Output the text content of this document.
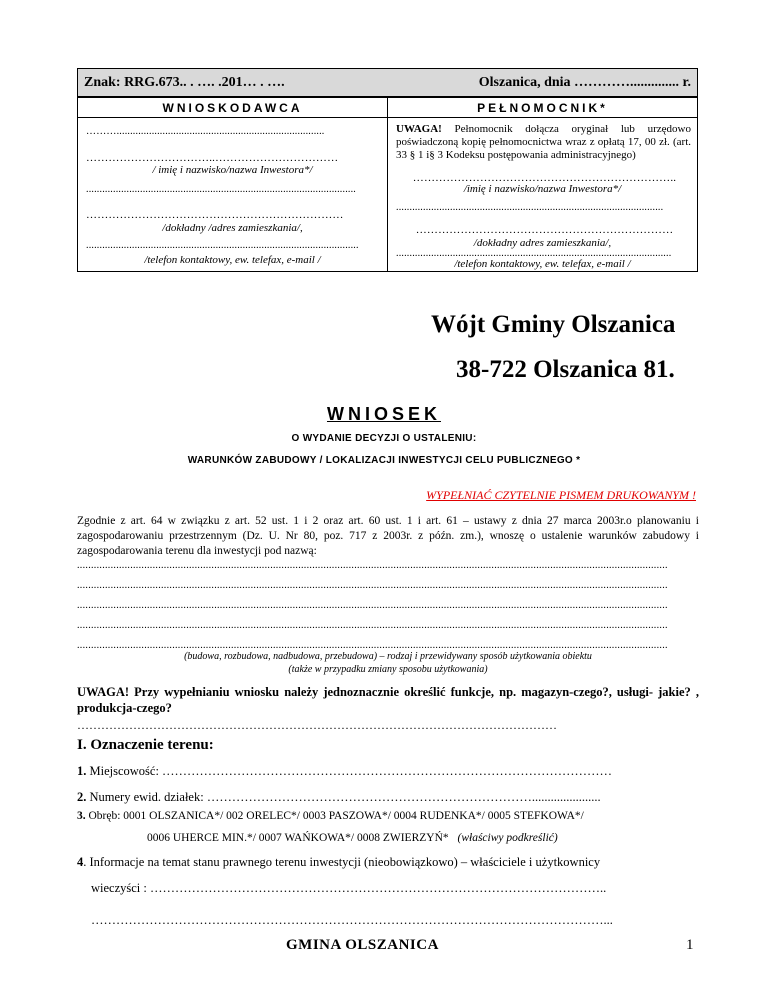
Znak: RRG.673.. . …. .201… . ….	Olszanica, dnia ………….............. r.
WNIOSKODAWCA
……….............................................................................
……………………………..……………………………
/ imię i nazwisko/nazwa Inwestora*/
....................................................................................................
……………………………………………………………
/dokładny /adres zamieszkania/,
.....................................................................................................
/telefon kontaktowy, ew. telefax, e-mail /
PEŁNOMOCNIK*
UWAGA! Pełnomocnik dołącza oryginał lub urzędowo poświadczoną kopię pełnomocnictwa wraz z opłatą 17, 00 zł. (art. 33 § 1 i§ 3 Kodeksu postępowania administracyjnego)
……………………………………………………………..
/imię i nazwisko/nazwa Inwestora*/
...................................................................................................
……………………………………………………………
/dokładny adres zamieszkania/,
......................................................................................................
/telefon kontaktowy, ew. telefax, e-mail /
Wójt Gminy Olszanica
38-722 Olszanica 81.
WNIOSEK
O WYDANIE DECYZJI O USTALENIU:
WARUNKÓW ZABUDOWY / LOKALIZACJI INWESTYCJI CELU PUBLICZNEGO *
WYPEŁNIAĆ CZYTELNIE PISMEM DRUKOWANYM !
Zgodnie z art. 64 w związku z art. 52 ust. 1 i 2 oraz art. 60 ust. 1 i art. 61 – ustawy z dnia 27 marca 2003r.o planowaniu i zagospodarowaniu przestrzennym (Dz. U. Nr 80, poz. 717 z 2003r. z późn. zm.), wnoszę o ustalenie warunków zabudowy i zagospodarowania terenu dla inwestycji pod nazwą:
...................................................................................................................................................................................................................
...................................................................................................................................................................................................................
...................................................................................................................................................................................................................
...................................................................................................................................................................................................................
...................................................................................................................................................................................................................
(budowa, rozbudowa, nadbudowa, przebudowa) – rodzaj i przewidywany sposób użytkowania obiektu
(także w przypadku zmiany sposobu użytkowania)
UWAGA! Przy wypełnianiu wniosku należy jednoznacznie określić funkcje, np. magazyn-czego?, usługi- jakie? , produkcja-czego?
…………………………………………………………………………………………………………
I. Oznaczenie terenu:
1. Miejscowość: ………………………………………………………………………………………………
2. Numery ewid. działek: ……………………………………………………………………......................
3. Obręb: 0001 OLSZANICA*/ 002 ORELEC*/ 0003 PASZOWA*/ 0004 RUDENKA*/ 0005 STEFKOWA*/
0006 UHERCE MIN.*/ 0007 WAŃKOWA*/ 0008 ZWIERZYŃ* (właściwy podkreślić)
4. Informacje na temat stanu prawnego terenu inwestycji (nieobowiązkowo) – właściciele i użytkownicy
wieczyści : ………………………………………………………………………………………………..
……………………………………………………………………………………………………………...
GMINA OLSZANICA	1
